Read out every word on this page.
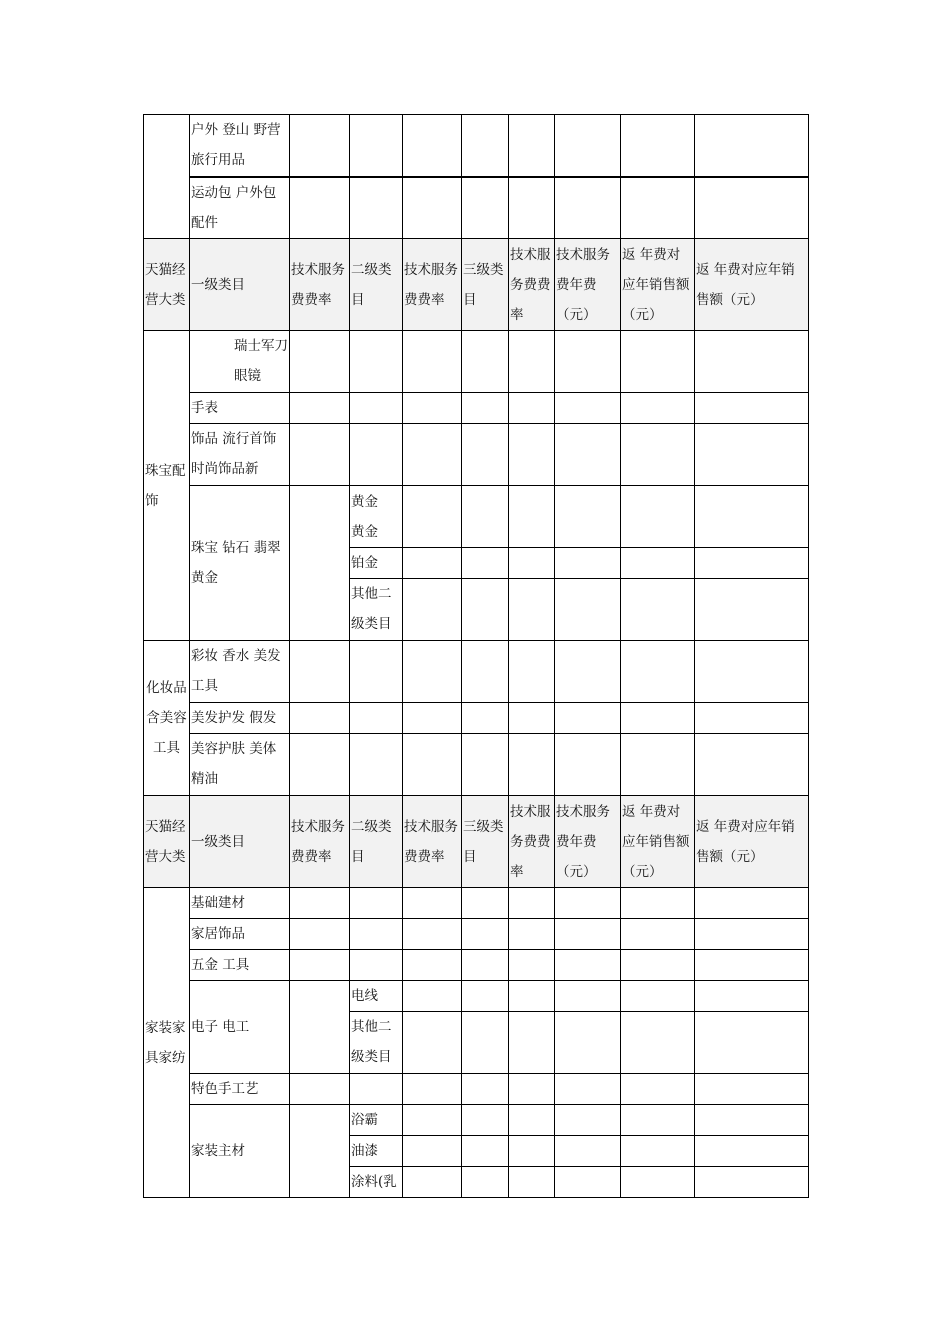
	户外 登山 野营 旅行用品								

	运动包 户外包 配件								

天猫经营大类	一级类目	技术服务费费率	二级类目	技术服务费费率	三级类目	技术服务费费率	技术服务费年费（元）	返 年费对应年销售额（元）	返 年费对应年销售额（元）

珠宝配饰	瑞士军刀 眼镜								

	手表								

	饰品 流行首饰 时尚饰品新								

	珠宝 钻石 翡翠 黄金		黄金
黄金						

			铂金						

			其他二级类目						

化妆品含美容工具	彩妆 香水 美发 工具								

	美发护发 假发								

	美容护肤 美体 精油								

天猫经营大类	一级类目	技术服务费费率	二级类目	技术服务费费率	三级类目	技术服务费费率	技术服务费年费（元）	返 年费对应年销售额（元）	返 年费对应年销售额（元）

家装家具家纺	基础建材								

	家居饰品								

	五金 工具								

	电子 电工		电线						

			其他二级类目						

	特色手工艺								

	家装主材		浴霸						

			油漆						

			涂料(乳						
